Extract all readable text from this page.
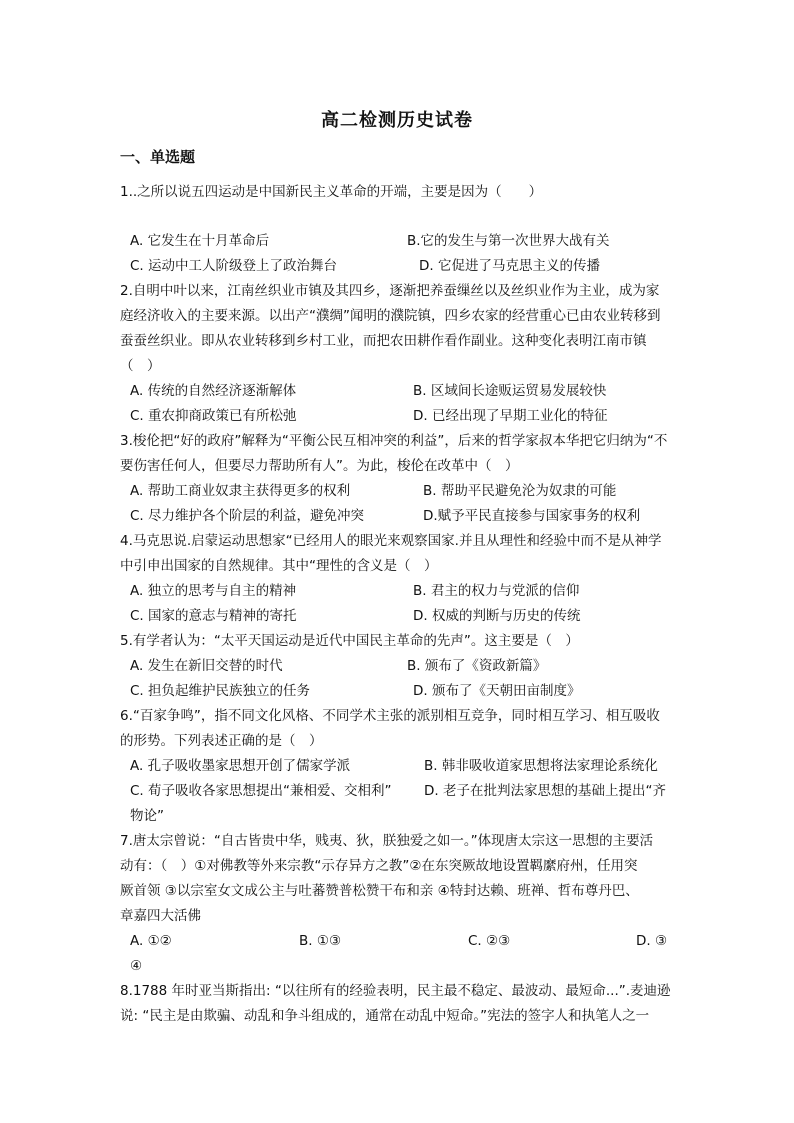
高二检测历史试卷
一、单选题
1..之所以说五四运动是中国新民主义革命的开端，主要是因为（　　）
A. 它发生在十月革命后	B.它的发生与第一次世界大战有关
C. 运动中工人阶级登上了政治舞台	D. 它促进了马克思主义的传播
2.自明中叶以来，江南丝织业市镇及其四乡，逐渐把养蚕缫丝以及丝织业作为主业，成为家
庭经济收入的主要来源。以出产“濮绸”闻明的濮院镇，四乡农家的经营重心已由农业转移到
蚕蚕丝织业。即从农业转移到乡村工业，而把农田耕作看作副业。这种变化表明江南市镇
（　）
A. 传统的自然经济逐渐解体	B. 区域间长途贩运贸易发展较快
C. 重农抑商政策已有所松弛	D. 已经出现了早期工业化的特征
3.梭伦把“好的政府”解释为“平衡公民互相冲突的利益”，后来的哲学家叔本华把它归纳为“不
要伤害任何人，但要尽力帮助所有人”。为此，梭伦在改革中（　）
A. 帮助工商业奴隶主获得更多的权利	B. 帮助平民避免沦为奴隶的可能
C. 尽力维护各个阶层的利益，避免冲突	D.赋予平民直接参与国家事务的权利
4.马克思说.启蒙运动思想家“已经用人的眼光来观察国家.并且从理性和经验中而不是从神学
中引申出国家的自然规律。其中“理性的含义是（　）
A. 独立的思考与自主的精神	B. 君主的权力与党派的信仰
C. 国家的意志与精神的寄托	D. 权威的判断与历史的传统
5.有学者认为：“太平天国运动是近代中国民主革命的先声”。这主要是（　）
A. 发生在新旧交替的时代	B. 颁布了《资政新篇》
C. 担负起维护民族独立的任务	D. 颁布了《天朝田亩制度》
6.“百家争鸣”，指不同文化风格、不同学术主张的派别相互竞争，同时相互学习、相互吸收
的形势。下列表述正确的是（　）
A. 孔子吸收墨家思想开创了儒家学派	B. 韩非吸收道家思想将法家理论系统化
C. 荀子吸收各家思想提出“兼相爱、交相利” D. 老子在批判法家思想的基础上提出“齐
物论”
7.唐太宗曾说：“自古皆贵中华，贱夷、狄，朕独爱之如一。”体现唐太宗这一思想的主要活
动有：（　）①对佛教等外来宗教“示存异方之教”②在东突厥故地设置羁縻府州，任用突
厥首领 ③以宗室女文成公主与吐蕃赞普松赞干布和亲 ④特封达赖、班禅、哲布尊丹巴、
章嘉四大活佛
A. ①②	B. ①③	C. ②③	D. ③
④
8.1788 年时亚当斯指出: “以往所有的经验表明，民主最不稳定、最波动、最短命...”.麦迪逊
说: “民主是由欺骗、动乱和争斗组成的，通常在动乱中短命。”宪法的签字人和执笔人之一
